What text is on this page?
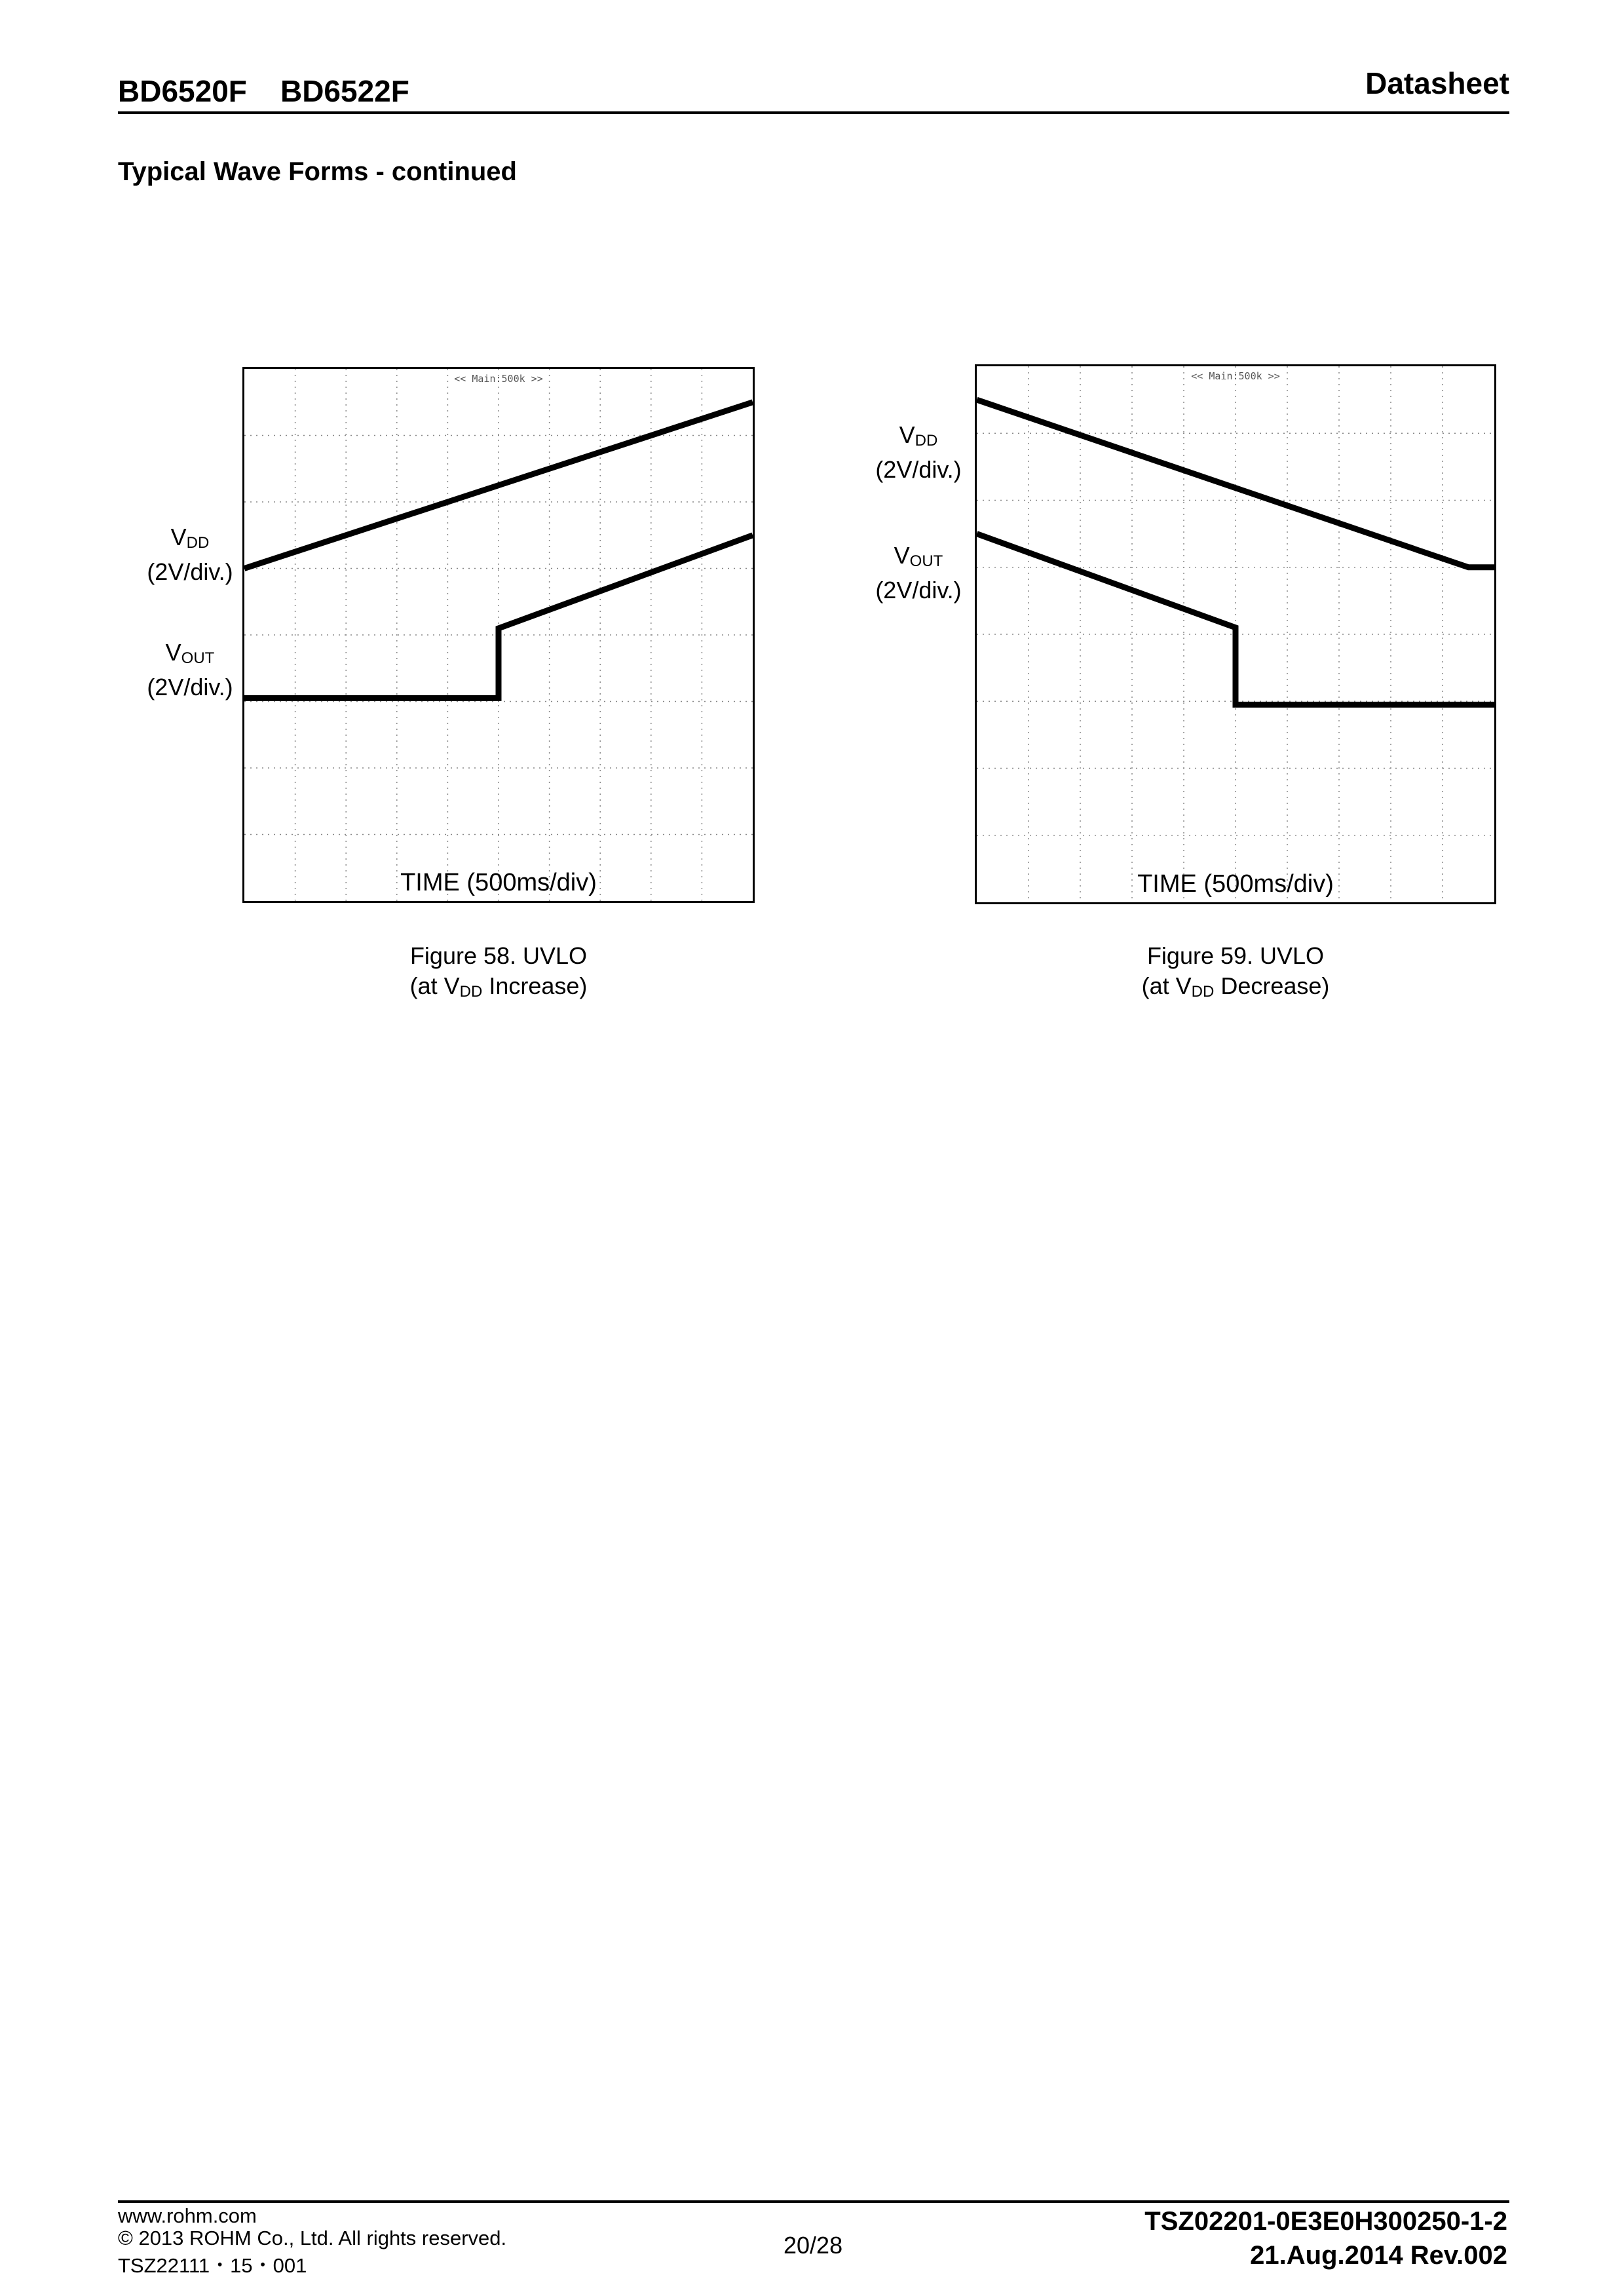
BD6520F    BD6522F	Datasheet
Typical Wave Forms - continued
$V_{DD}$
(2V/div.)
$V_{OUT}$
(2V/div.)
<< Main:500k >>
TIME (500ms/div)
Figure 58. UVLO
(at $V_{DD}$ Increase)
$V_{DD}$
(2V/div.)
$V_{OUT}$
(2V/div.)
<< Main:500k >>
TIME (500ms/div)
Figure 59. UVLO
(at $V_{DD}$ Decrease)
www.rohm.com
© 2013 ROHM Co., Ltd. All rights reserved.
TSZ22111・15・001
20/28
TSZ02201-0E3E0H300250-1-2
21.Aug.2014 Rev.002
